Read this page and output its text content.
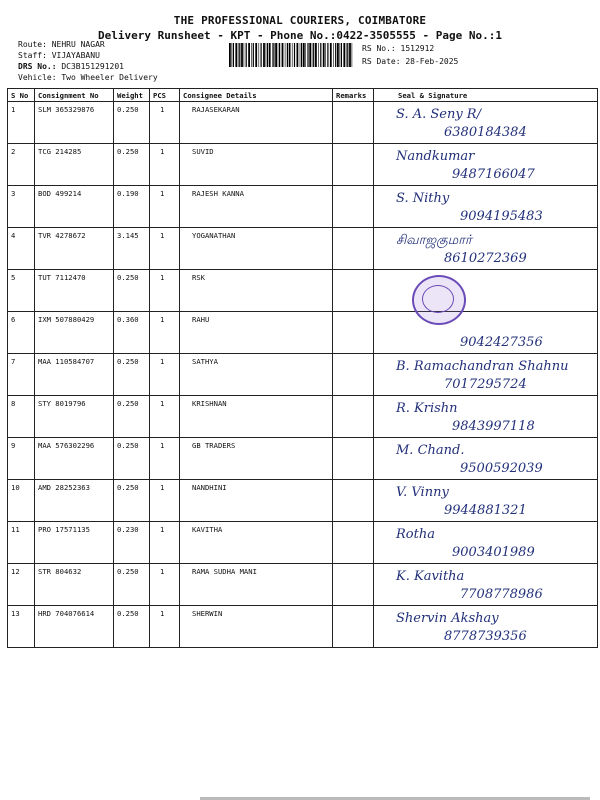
THE PROFESSIONAL COURIERS, COIMBATORE
Delivery Runsheet - KPT - Phone No.:0422-3505555 - Page No.:1
Route: NEHRU NAGAR
Staff: VIJAYABANU
DRS No.: DC3B151291201
Vehicle: Two Wheeler Delivery
RS No.: 1512912
RS Date: 28-Feb-2025
S No	Consignment No	Weight	PCS	Consignee Details	Remarks	Seal & Signature
1	SLM 365329876	0.250	1	RAJASEKARAN		S. A. Seny R/
6380184384

2	TCG 214285	0.250	1	SUVID		Nandkumar
9487166047

3	BOD 499214	0.190	1	RAJESH KANNA		S. Nithy
9094195483

4	TVR 4278672	3.145	1	YOGANATHAN		சிவாஜகுமார்
8610272369

5	TUT 7112470	0.250	1	RSK		

6	IXM 507880429	0.360	1	RAHU		9042427356

7	MAA 110584707	0.250	1	SATHYA		B. Ramachandran Shahnu
7017295724

8	STY 8019796	0.250	1	KRISHNAN		R. Krishn
9843997118

9	MAA 576302296	0.250	1	GB TRADERS		M. Chand.
9500592039

10	AMD 28252363	0.250	1	NANDHINI		V. Vinny
9944881321

11	PRO 17571135	0.230	1	KAVITHA		Rotha
9003401989

12	STR 804632	0.250	1	RAMA SUDHA MANI		K. Kavitha
7708778986

13	HRD 704076614	0.250	1	SHERWIN		Shervin Akshay
8778739356
